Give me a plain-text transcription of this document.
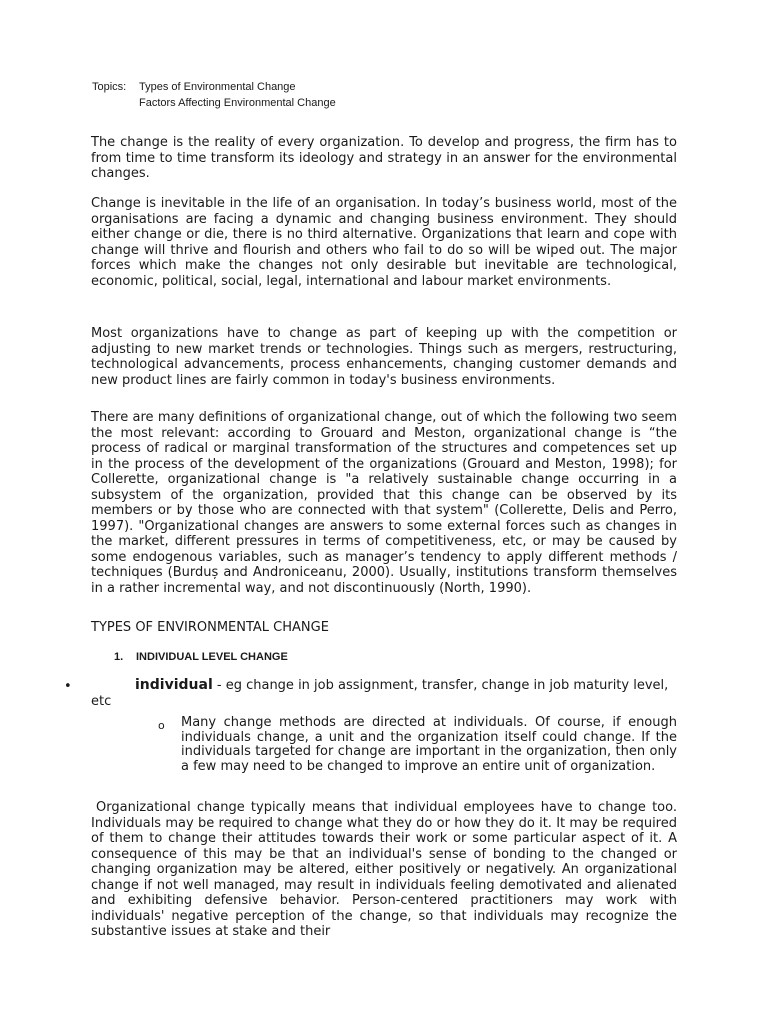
Topics:	Types of Environmental Change
Factors Affecting Environmental Change

The change is the reality of every organization. To develop and progress, the firm has to from time to time transform its ideology and strategy in an answer for the environmental changes.

Change is inevitable in the life of an organisation. In today’s business world, most of the organisations are facing a dynamic and changing business environment. They should either change or die, there is no third alternative. Organizations that learn and cope with change will thrive and flourish and others who fail to do so will be wiped out. The major forces which make the changes not only desirable but inevitable are technological, economic, political, social, legal, international and labour market environments.

Most organizations have to change as part of keeping up with the competition or adjusting to new market trends or technologies. Things such as mergers, restructuring, technological advancements, process enhancements, changing customer demands and new product lines are fairly common in today's business environments.

There are many definitions of organizational change, out of which the following two seem the most relevant: according to Grouard and Meston, organizational change is “the process of radical or marginal transformation of the structures and competences set up in the process of the development of the organizations (Grouard and Meston, 1998); for Collerette, organizational change is "a relatively sustainable change occurring in a subsystem of the organization, provided that this change can be observed by its members or by those who are connected with that system" (Collerette, Delis and Perro, 1997). "Organizational changes are answers to some external forces such as changes in the market, different pressures in terms of competitiveness, etc, or may be caused by some endogenous variables, such as manager’s tendency to apply different methods / techniques (Burduș and Androniceanu, 2000). Usually, institutions transform themselves in a rather incremental way, and not discontinuously (North, 1990).

TYPES OF ENVIRONMENTAL CHANGE
1. INDIVIDUAL LEVEL CHANGE
•	individual - eg change in job assignment, transfer, change in job maturity level, etc

o Many change methods are directed at individuals. Of course, if enough individuals change, a unit and the organization itself could change. If the individuals targeted for change are important in the organization, then only a few may need to be changed to improve an entire unit of organization.

Organizational change typically means that individual employees have to change too. Individuals may be required to change what they do or how they do it. It may be required of them to change their attitudes towards their work or some particular aspect of it. A consequence of this may be that an individual's sense of bonding to the changed or changing organization may be altered, either positively or negatively. An organizational change if not well managed, may result in individuals feeling demotivated and alienated and exhibiting defensive behavior. Person-centered practitioners may work with individuals' negative perception of the change, so that individuals may recognize the substantive issues at stake and their
